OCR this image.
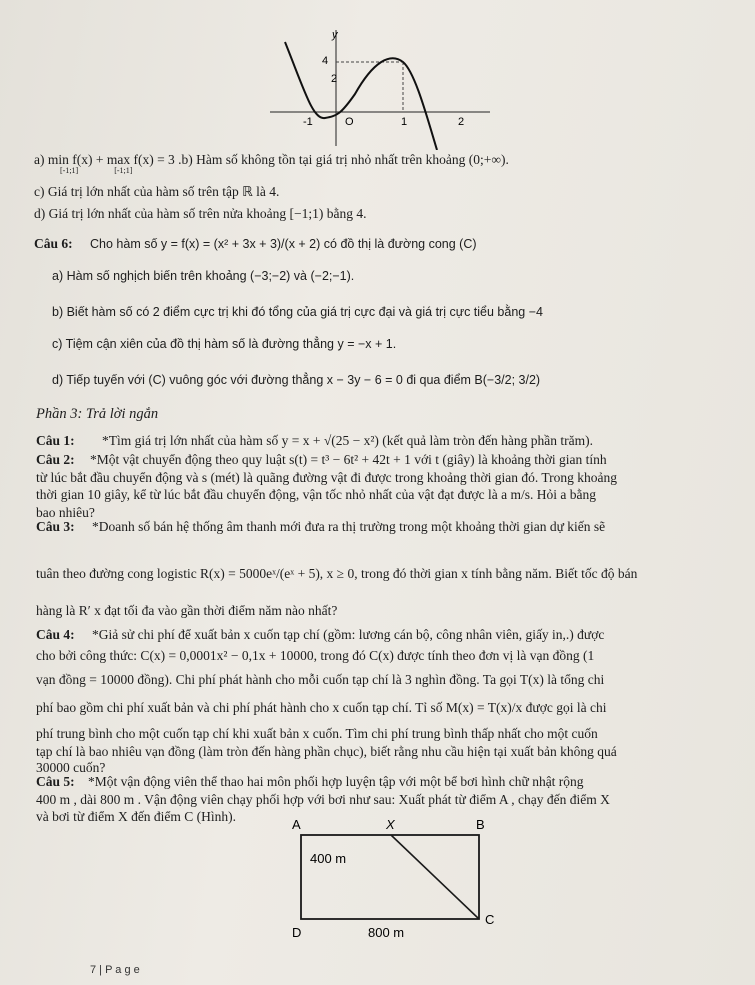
y
4
2
-1	O	1	2
a) min f(x) + max f(x) = 3 .b) Hàm số không tồn tại giá trị nhỏ nhất trên khoảng (0;+∞).
[-1;1]	[-1;1]
c) Giá trị lớn nhất của hàm số trên tập ℝ là 4.
d) Giá trị lớn nhất của hàm số trên nửa khoảng [−1;1) bằng 4.
Câu 6: Cho hàm số y = f(x) = (x² + 3x + 3)/(x + 2) có đồ thị là đường cong (C)
a) Hàm số nghịch biến trên khoảng (−3;−2) và (−2;−1).
b) Biết hàm số có 2 điểm cực trị khi đó tổng của giá trị cực đại và giá trị cực tiểu bằng −4
c) Tiệm cận xiên của đồ thị hàm số là đường thẳng y = −x + 1.
d) Tiếp tuyến với (C) vuông góc với đường thẳng x − 3y − 6 = 0 đi qua điểm B(−3/2; 3/2)
Phần 3: Trả lời ngắn
Câu 1: *Tìm giá trị lớn nhất của hàm số y = x + √(25 − x²) (kết quả làm tròn đến hàng phần trăm).
Câu 2: *Một vật chuyển động theo quy luật s(t) = t³ − 6t² + 42t + 1 với t (giây) là khoảng thời gian tính
từ lúc bắt đầu chuyển động và s (mét) là quãng đường vật đi được trong khoảng thời gian đó. Trong khoảng
thời gian 10 giây, kể từ lúc bắt đầu chuyển động, vận tốc nhỏ nhất của vật đạt được là a m/s. Hỏi a bằng
bao nhiêu?
Câu 3: *Doanh số bán hệ thống âm thanh mới đưa ra thị trường trong một khoảng thời gian dự kiến sẽ
tuân theo đường cong logistic R(x) = 5000eˣ/(eˣ + 5), x ≥ 0, trong đó thời gian x tính bằng năm. Biết tốc độ bán
hàng là R′ x đạt tối đa vào gần thời điểm năm nào nhất?
Câu 4: *Giả sử chi phí để xuất bản x cuốn tạp chí (gồm: lương cán bộ, công nhân viên, giấy in,.) được
cho bởi công thức: C(x) = 0,0001x² − 0,1x + 10000, trong đó C(x) được tính theo đơn vị là vạn đồng (1
vạn đồng = 10000 đồng). Chi phí phát hành cho mỗi cuốn tạp chí là 3 nghìn đồng. Ta gọi T(x) là tổng chi
phí bao gồm chi phí xuất bản và chi phí phát hành cho x cuốn tạp chí. Tỉ số M(x) = T(x)/x được gọi là chi
phí trung bình cho một cuốn tạp chí khi xuất bản x cuốn. Tìm chi phí trung bình thấp nhất cho một cuốn
tạp chí là bao nhiêu vạn đồng (làm tròn đến hàng phần chục), biết rằng nhu cầu hiện tại xuất bản không quá
30000 cuốn?
Câu 5: *Một vận động viên thể thao hai môn phối hợp luyện tập với một bể bơi hình chữ nhật rộng
400 m , dài 800 m . Vận động viên chạy phối hợp với bơi như sau: Xuất phát từ điểm A , chạy đến điểm X
và bơi từ điểm X đến điểm C (Hình).
A	X	B
C
D
400 m
800 m
7 | P a g e
